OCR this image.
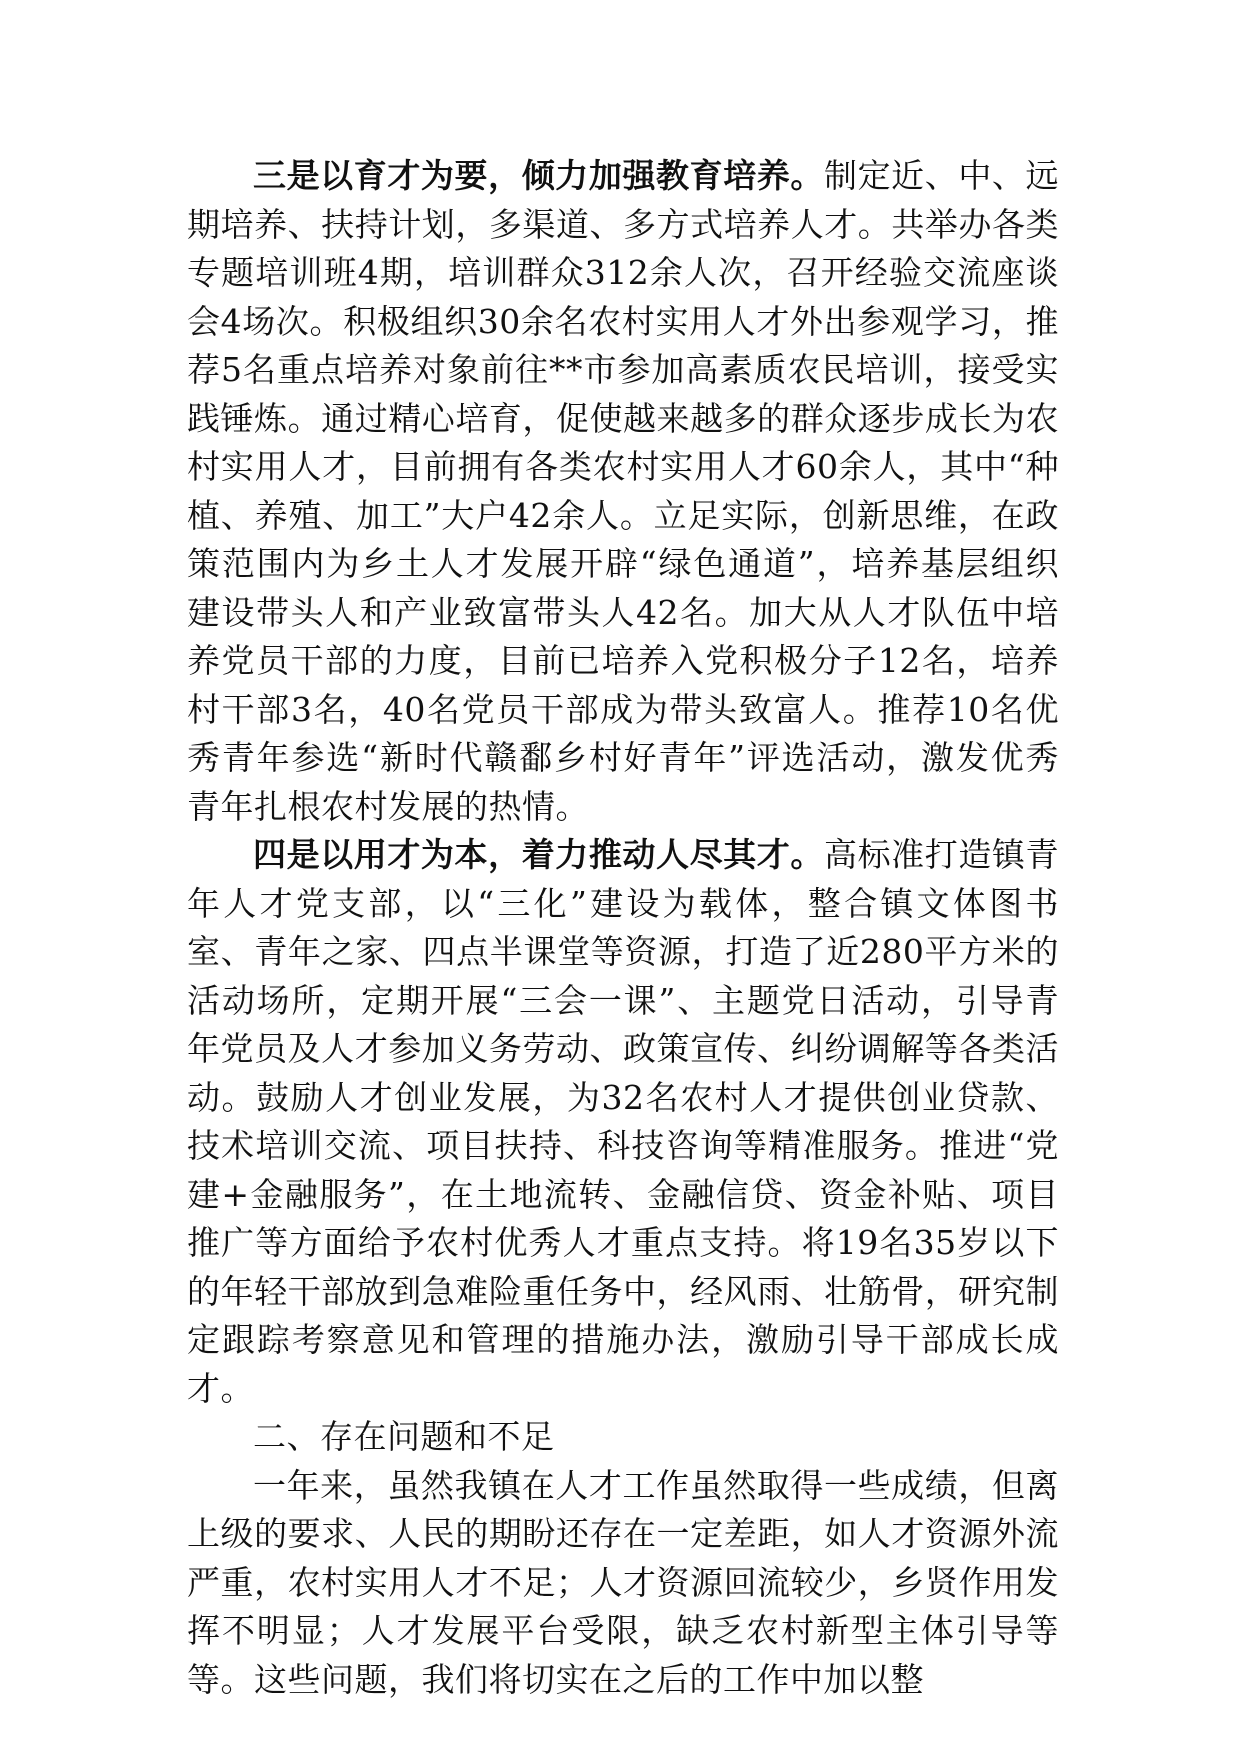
三是以育才为要，倾力加强教育培养。制定近、中、远期培养、扶持计划，多渠道、多方式培养人才。共举办各类专题培训班4期，培训群众312余人次，召开经验交流座谈会4场次。积极组织30余名农村实用人才外出参观学习，推荐5名重点培养对象前往**市参加高素质农民培训，接受实践锤炼。通过精心培育，促使越来越多的群众逐步成长为农村实用人才，目前拥有各类农村实用人才60余人，其中“种植、养殖、加工”大户42余人。立足实际，创新思维，在政策范围内为乡土人才发展开辟“绿色通道”，培养基层组织建设带头人和产业致富带头人42名。加大从人才队伍中培养党员干部的力度，目前已培养入党积极分子12名，培养村干部3名，40名党员干部成为带头致富人。推荐10名优秀青年参选“新时代赣鄱乡村好青年”评选活动，激发优秀青年扎根农村发展的热情。

四是以用才为本，着力推动人尽其才。高标准打造镇青年人才党支部，以“三化”建设为载体，整合镇文体图书室、青年之家、四点半课堂等资源，打造了近280平方米的活动场所，定期开展“三会一课”、主题党日活动，引导青年党员及人才参加义务劳动、政策宣传、纠纷调解等各类活动。鼓励人才创业发展，为32名农村人才提供创业贷款、技术培训交流、项目扶持、科技咨询等精准服务。推进“党建+金融服务”，在土地流转、金融信贷、资金补贴、项目推广等方面给予农村优秀人才重点支持。将19名35岁以下的年轻干部放到急难险重任务中，经风雨、壮筋骨，研究制定跟踪考察意见和管理的措施办法，激励引导干部成长成才。

二、存在问题和不足

一年来，虽然我镇在人才工作虽然取得一些成绩，但离上级的要求、人民的期盼还存在一定差距，如人才资源外流严重，农村实用人才不足；人才资源回流较少，乡贤作用发挥不明显；人才发展平台受限，缺乏农村新型主体引导等等。这些问题，我们将切实在之后的工作中加以整
